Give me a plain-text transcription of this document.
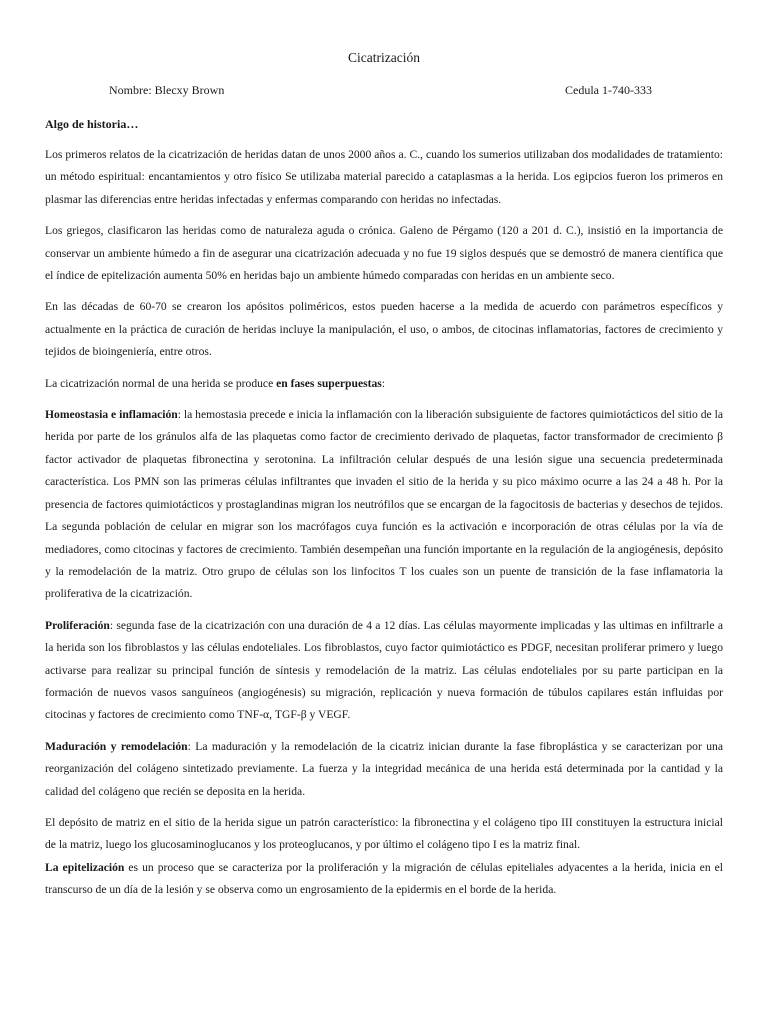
Cicatrización
Nombre: Blecxy Brown	Cedula 1-740-333
Algo de historia…

Los primeros relatos de la cicatrización de heridas datan de unos 2000 años a. C., cuando los sumerios utilizaban dos modalidades de tratamiento: un método espiritual: encantamientos y otro físico Se utilizaba material parecido a cataplasmas a la herida. Los egipcios fueron los primeros en plasmar las diferencias entre heridas infectadas y enfermas comparando con heridas no infectadas.

Los griegos, clasificaron las heridas como de naturaleza aguda o crónica. Galeno de Pérgamo (120 a 201 d. C.), insistió en la importancia de conservar un ambiente húmedo a fin de asegurar una cicatrización adecuada y no fue 19 siglos después que se demostró de manera científica que el índice de epitelización aumenta 50% en heridas bajo un ambiente húmedo comparadas con heridas en un ambiente seco.

En las décadas de 60-70 se crearon los apósitos poliméricos, estos pueden hacerse a la medida de acuerdo con parámetros específicos y actualmente en la práctica de curación de heridas incluye la manipulación, el uso, o ambos, de citocinas inflamatorias, factores de crecimiento y tejidos de bioingeniería, entre otros.

La cicatrización normal de una herida se produce en fases superpuestas:

Homeostasia e inflamación: la hemostasia precede e inicia la inflamación con la liberación subsiguiente de factores quimiotácticos del sitio de la herida por parte de los gránulos alfa de las plaquetas como factor de crecimiento derivado de plaquetas, factor transformador de crecimiento β factor activador de plaquetas fibronectina y serotonina. La infiltración celular después de una lesión sigue una secuencia predeterminada característica. Los PMN son las primeras células infiltrantes que invaden el sitio de la herida y su pico máximo ocurre a las 24 a 48 h. Por la presencia de factores quimiotácticos y prostaglandinas migran los neutrófilos que se encargan de la fagocitosis de bacterias y desechos de tejidos. La segunda población de celular en migrar son los macrófagos cuya función es la activación e incorporación de otras células por la vía de mediadores, como citocinas y factores de crecimiento. También desempeñan una función importante en la regulación de la angiogénesis, depósito y la remodelación de la matriz. Otro grupo de células son los linfocitos T los cuales son un puente de transición de la fase inflamatoria la proliferativa de la cicatrización.

Proliferación: segunda fase de la cicatrización con una duración de 4 a 12 días. Las células mayormente implicadas y las ultimas en infiltrarle a la herida son los fibroblastos y las células endoteliales. Los fibroblastos, cuyo factor quimiotáctico es PDGF, necesitan proliferar primero y luego activarse para realizar su principal función de síntesis y remodelación de la matriz. Las células endoteliales por su parte participan en la formación de nuevos vasos sanguíneos (angiogénesis) su migración, replicación y nueva formación de túbulos capilares están influidas por citocinas y factores de crecimiento como TNF-α, TGF-β y VEGF.

Maduración y remodelación: La maduración y la remodelación de la cicatriz inician durante la fase fibroplástica y se caracterizan por una reorganización del colágeno sintetizado previamente. La fuerza y la integridad mecánica de una herida está determinada por la cantidad y la calidad del colágeno que recién se deposita en la herida.

El depósito de matriz en el sitio de la herida sigue un patrón característico: la fibronectina y el colágeno tipo III constituyen la estructura inicial de la matriz, luego los glucosaminoglucanos y los proteoglucanos, y por último el colágeno tipo I es la matriz final.

La epitelización es un proceso que se caracteriza por la proliferación y la migración de células epiteliales adyacentes a la herida, inicia en el transcurso de un día de la lesión y se observa como un engrosamiento de la epidermis en el borde de la herida.
